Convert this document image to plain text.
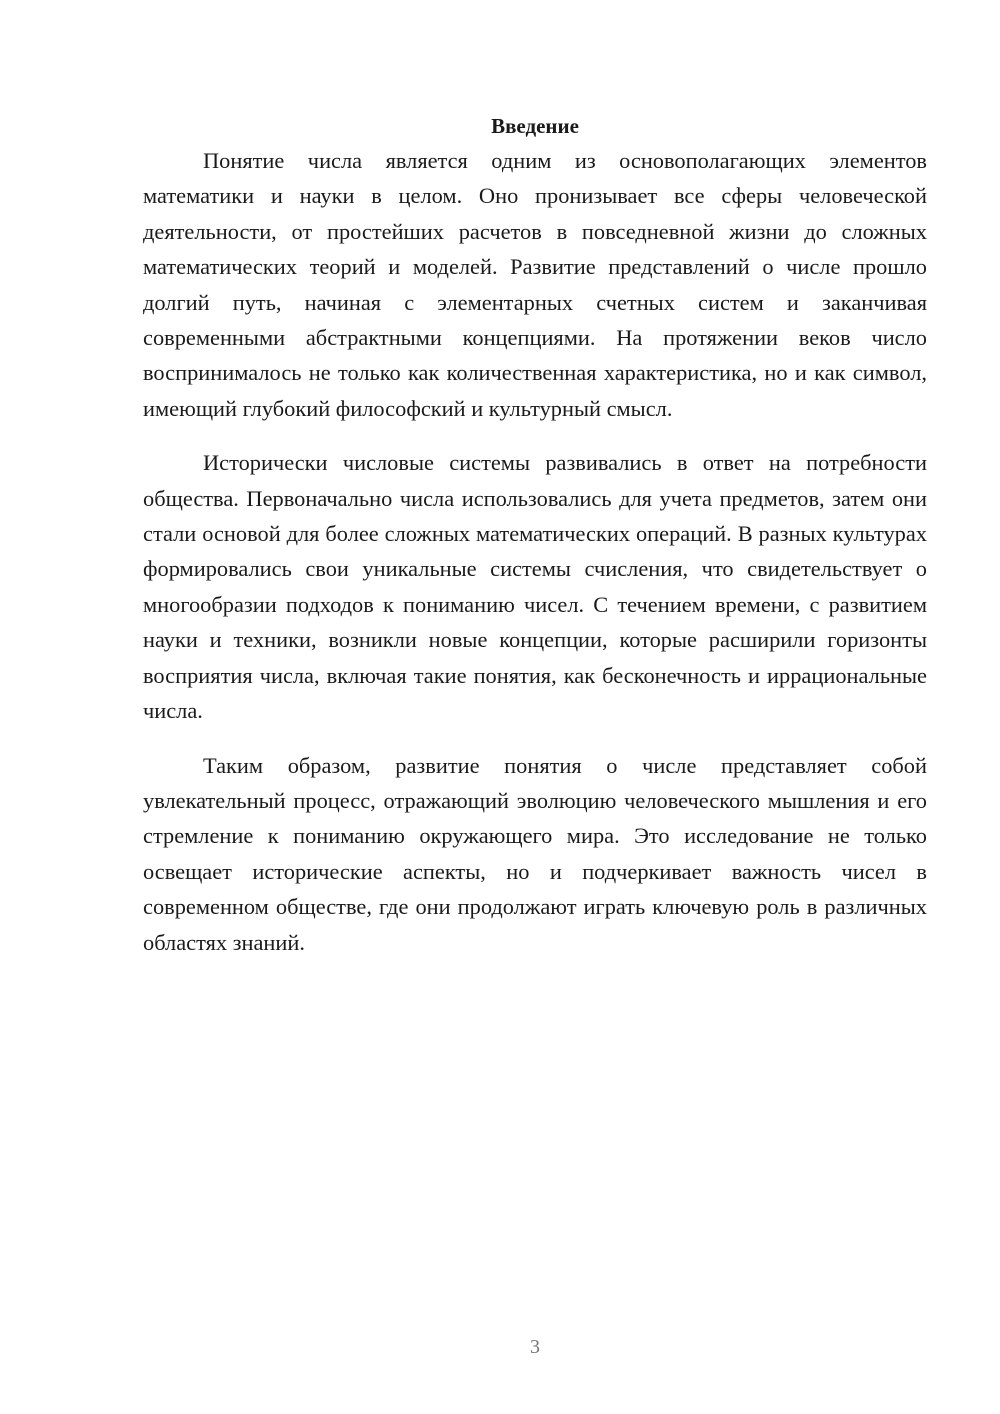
Введение

Понятие числа является одним из основополагающих элементов математики и науки в целом. Оно пронизывает все сферы человеческой деятельности, от простейших расчетов в повседневной жизни до сложных математических теорий и моделей. Развитие представлений о числе прошло долгий путь, начиная с элементарных счетных систем и заканчивая современными абстрактными концепциями. На протяжении веков число воспринималось не только как количественная характеристика, но и как символ, имеющий глубокий философский и культурный смысл.

Исторически числовые системы развивались в ответ на потребности общества. Первоначально числа использовались для учета предметов, затем они стали основой для более сложных математических операций. В разных культурах формировались свои уникальные системы счисления, что свидетельствует о многообразии подходов к пониманию чисел. С течением времени, с развитием науки и техники, возникли новые концепции, которые расширили горизонты восприятия числа, включая такие понятия, как бесконечность и иррациональные числа.

Таким образом, развитие понятия о числе представляет собой увлекательный процесс, отражающий эволюцию человеческого мышления и его стремление к пониманию окружающего мира. Это исследование не только освещает исторические аспекты, но и подчеркивает важность чисел в современном обществе, где они продолжают играть ключевую роль в различных областях знаний.

3
